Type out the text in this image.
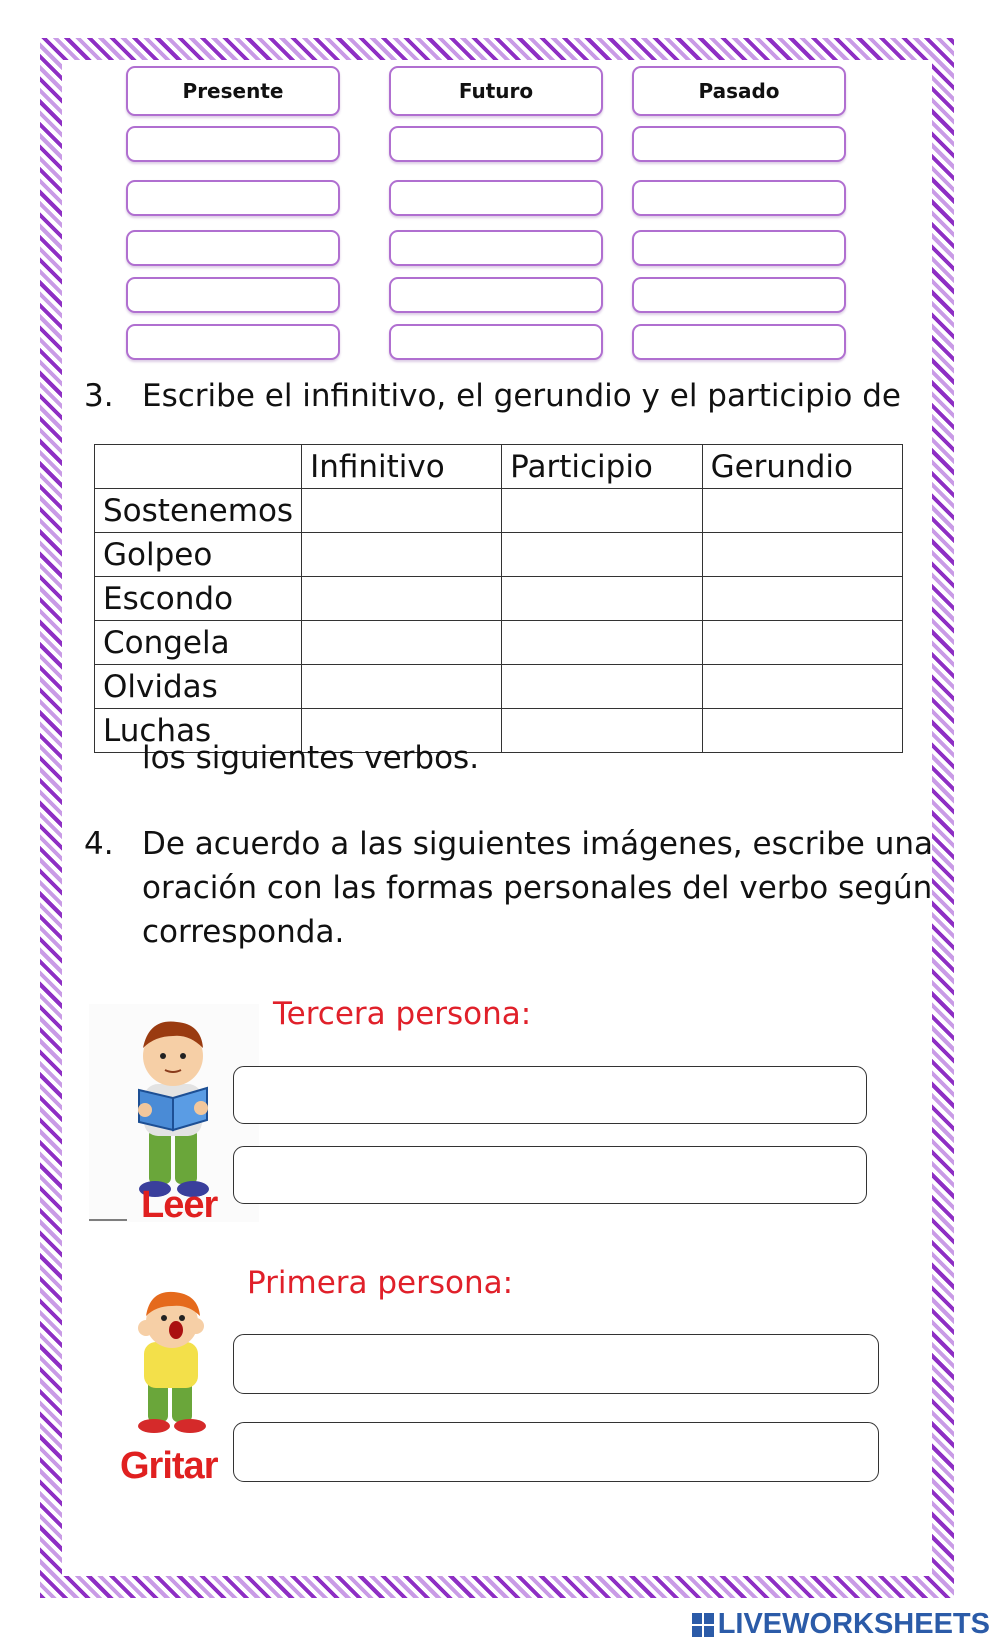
Presente	Futuro	Pasado
3. Escribe el infinitivo, el gerundio y el participio de
	Infinitivo	Participio	Gerundio
Sostenemos			
Golpeo			
Escondo			
Congela			
Olvidas			
Luchas			
los siguientes verbos.
4. De acuerdo a las siguientes imágenes, escribe una
oración con las formas personales del verbo según
corresponda.
Leer
Tercera persona:
Gritar
Primera persona:
LIVEWORKSHEETS
